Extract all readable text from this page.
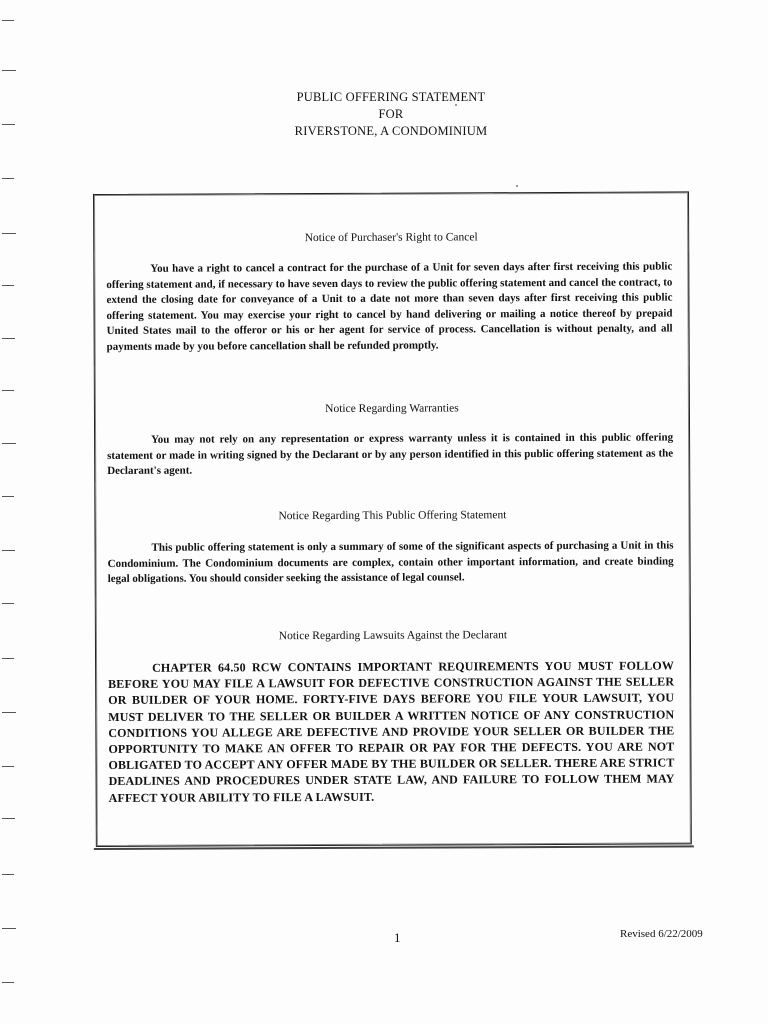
PUBLIC OFFERING STATEMENT
FOR
RIVERSTONE, A CONDOMINIUM
Notice of Purchaser's Right to Cancel
You have a right to cancel a contract for the purchase of a Unit for seven days after first receiving this public offering statement and, if necessary to have seven days to review the public offering statement and cancel the contract, to extend the closing date for conveyance of a Unit to a date not more than seven days after first receiving this public offering statement. You may exercise your right to cancel by hand delivering or mailing a notice thereof by prepaid United States mail to the offeror or his or her agent for service of process. Cancellation is without penalty, and all payments made by you before cancellation shall be refunded promptly.
Notice Regarding Warranties
You may not rely on any representation or express warranty unless it is contained in this public offering statement or made in writing signed by the Declarant or by any person identified in this public offering statement as the Declarant's agent.
Notice Regarding This Public Offering Statement
This public offering statement is only a summary of some of the significant aspects of purchasing a Unit in this Condominium. The Condominium documents are complex, contain other important information, and create binding legal obligations. You should consider seeking the assistance of legal counsel.
Notice Regarding Lawsuits Against the Declarant
CHAPTER 64.50 RCW CONTAINS IMPORTANT REQUIREMENTS YOU MUST FOLLOW BEFORE YOU MAY FILE A LAWSUIT FOR DEFECTIVE CONSTRUCTION AGAINST THE SELLER OR BUILDER OF YOUR HOME. FORTY-FIVE DAYS BEFORE YOU FILE YOUR LAWSUIT, YOU MUST DELIVER TO THE SELLER OR BUILDER A WRITTEN NOTICE OF ANY CONSTRUCTION CONDITIONS YOU ALLEGE ARE DEFECTIVE AND PROVIDE YOUR SELLER OR BUILDER THE OPPORTUNITY TO MAKE AN OFFER TO REPAIR OR PAY FOR THE DEFECTS. YOU ARE NOT OBLIGATED TO ACCEPT ANY OFFER MADE BY THE BUILDER OR SELLER. THERE ARE STRICT DEADLINES AND PROCEDURES UNDER STATE LAW, AND FAILURE TO FOLLOW THEM MAY AFFECT YOUR ABILITY TO FILE A LAWSUIT.
1	Revised 6/22/2009
